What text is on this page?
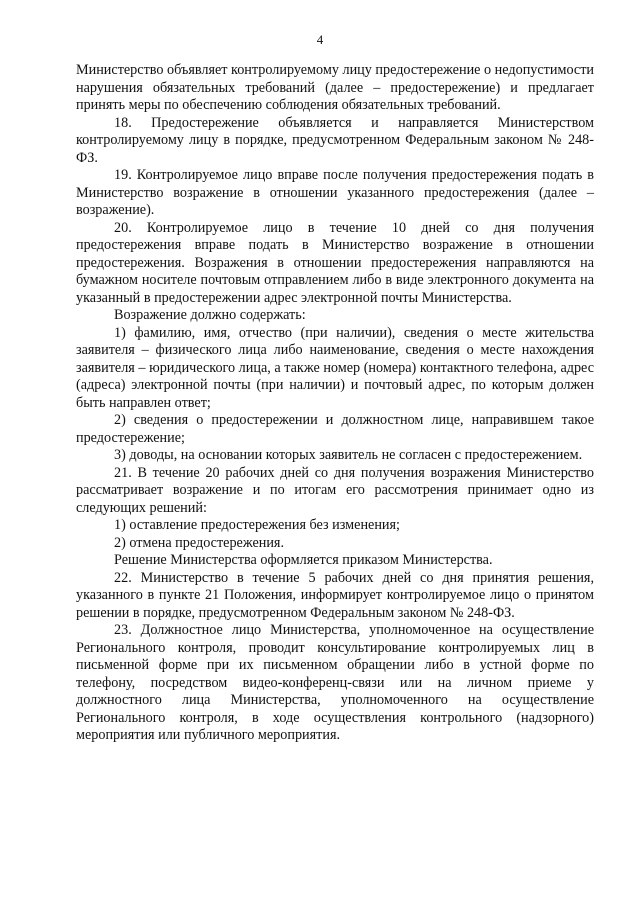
4

Министерство объявляет контролируемому лицу предостережение о недопустимости нарушения обязательных требований (далее – предостережение) и предлагает принять меры по обеспечению соблюдения обязательных требований.

18. Предостережение объявляется и направляется Министерством контролируемому лицу в порядке, предусмотренном Федеральным законом № 248-ФЗ.

19. Контролируемое лицо вправе после получения предостережения подать в Министерство возражение в отношении указанного предостережения (далее – возражение).

20. Контролируемое лицо в течение 10 дней со дня получения предостережения вправе подать в Министерство возражение в отношении предостережения. Возражения в отношении предостережения направляются на бумажном носителе почтовым отправлением либо в виде электронного документа на указанный в предостережении адрес электронной почты Министерства.

Возражение должно содержать:

1) фамилию, имя, отчество (при наличии), сведения о месте жительства заявителя – физического лица либо наименование, сведения о месте нахождения заявителя – юридического лица, а также номер (номера) контактного телефона, адрес (адреса) электронной почты (при наличии) и почтовый адрес, по которым должен быть направлен ответ;

2) сведения о предостережении и должностном лице, направившем такое предостережение;

3) доводы, на основании которых заявитель не согласен с предостережением.

21. В течение 20 рабочих дней со дня получения возражения Министерство рассматривает возражение и по итогам его рассмотрения принимает одно из следующих решений:

1) оставление предостережения без изменения;

2) отмена предостережения.

Решение Министерства оформляется приказом Министерства.

22. Министерство в течение 5 рабочих дней со дня принятия решения, указанного в пункте 21 Положения, информирует контролируемое лицо о принятом решении в порядке, предусмотренном Федеральным законом № 248-ФЗ.

23. Должностное лицо Министерства, уполномоченное на осуществление Регионального контроля, проводит консультирование контролируемых лиц в письменной форме при их письменном обращении либо в устной форме по телефону, посредством видео-конференц-связи или на личном приеме у должностного лица Министерства, уполномоченного на осуществление Регионального контроля, в ходе осуществления контрольного (надзорного) мероприятия или публичного мероприятия.
